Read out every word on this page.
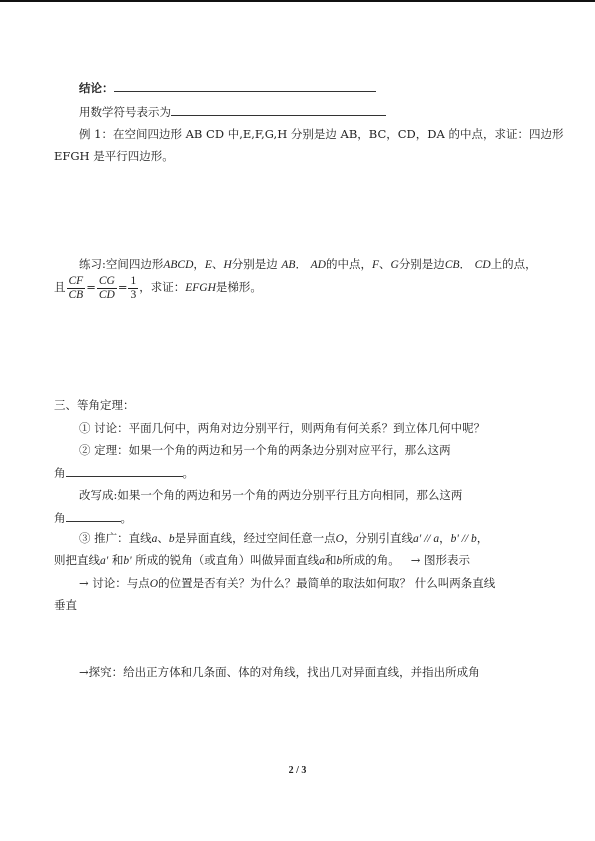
结论：
用数学符号表示为
例 1：在空间四边形 AB CD 中,E,F,G,H 分别是边 AB，BC，CD，DA 的中点，求证：四边形
EFGH 是平行四边形。
练习:空间四边形ABCD，E、H分别是边 AB． AD的中点，F、G分别是边CB． CD上的点，
且 $\frac{CF}{CB} = \frac{CG}{CD} = \frac{1}{3}$ ，求证：EFGH是梯形。
三、等角定理：
① 讨论：平面几何中，两角对边分别平行，则两角有何关系？到立体几何中呢？
② 定理：如果一个角的两边和另一个角的两条边分别对应平行，那么这两
角	。
改写成:如果一个角的两边和另一个角的两边分别平行且方向相同，那么这两
角	。
③ 推广：直线a、b是异面直线，经过空间任意一点O，分别引直线a' // a，b' // b，
则把直线a' 和b' 所成的锐角（或直角）叫做异面直线a和b所成的角。 → 图形表示
→ 讨论：与点O的位置是否有关？为什么？最简单的取法如何取？ 什么叫两条直线
垂直
→探究：给出正方体和几条面、体的对角线，找出几对异面直线，并指出所成角
2 / 3
